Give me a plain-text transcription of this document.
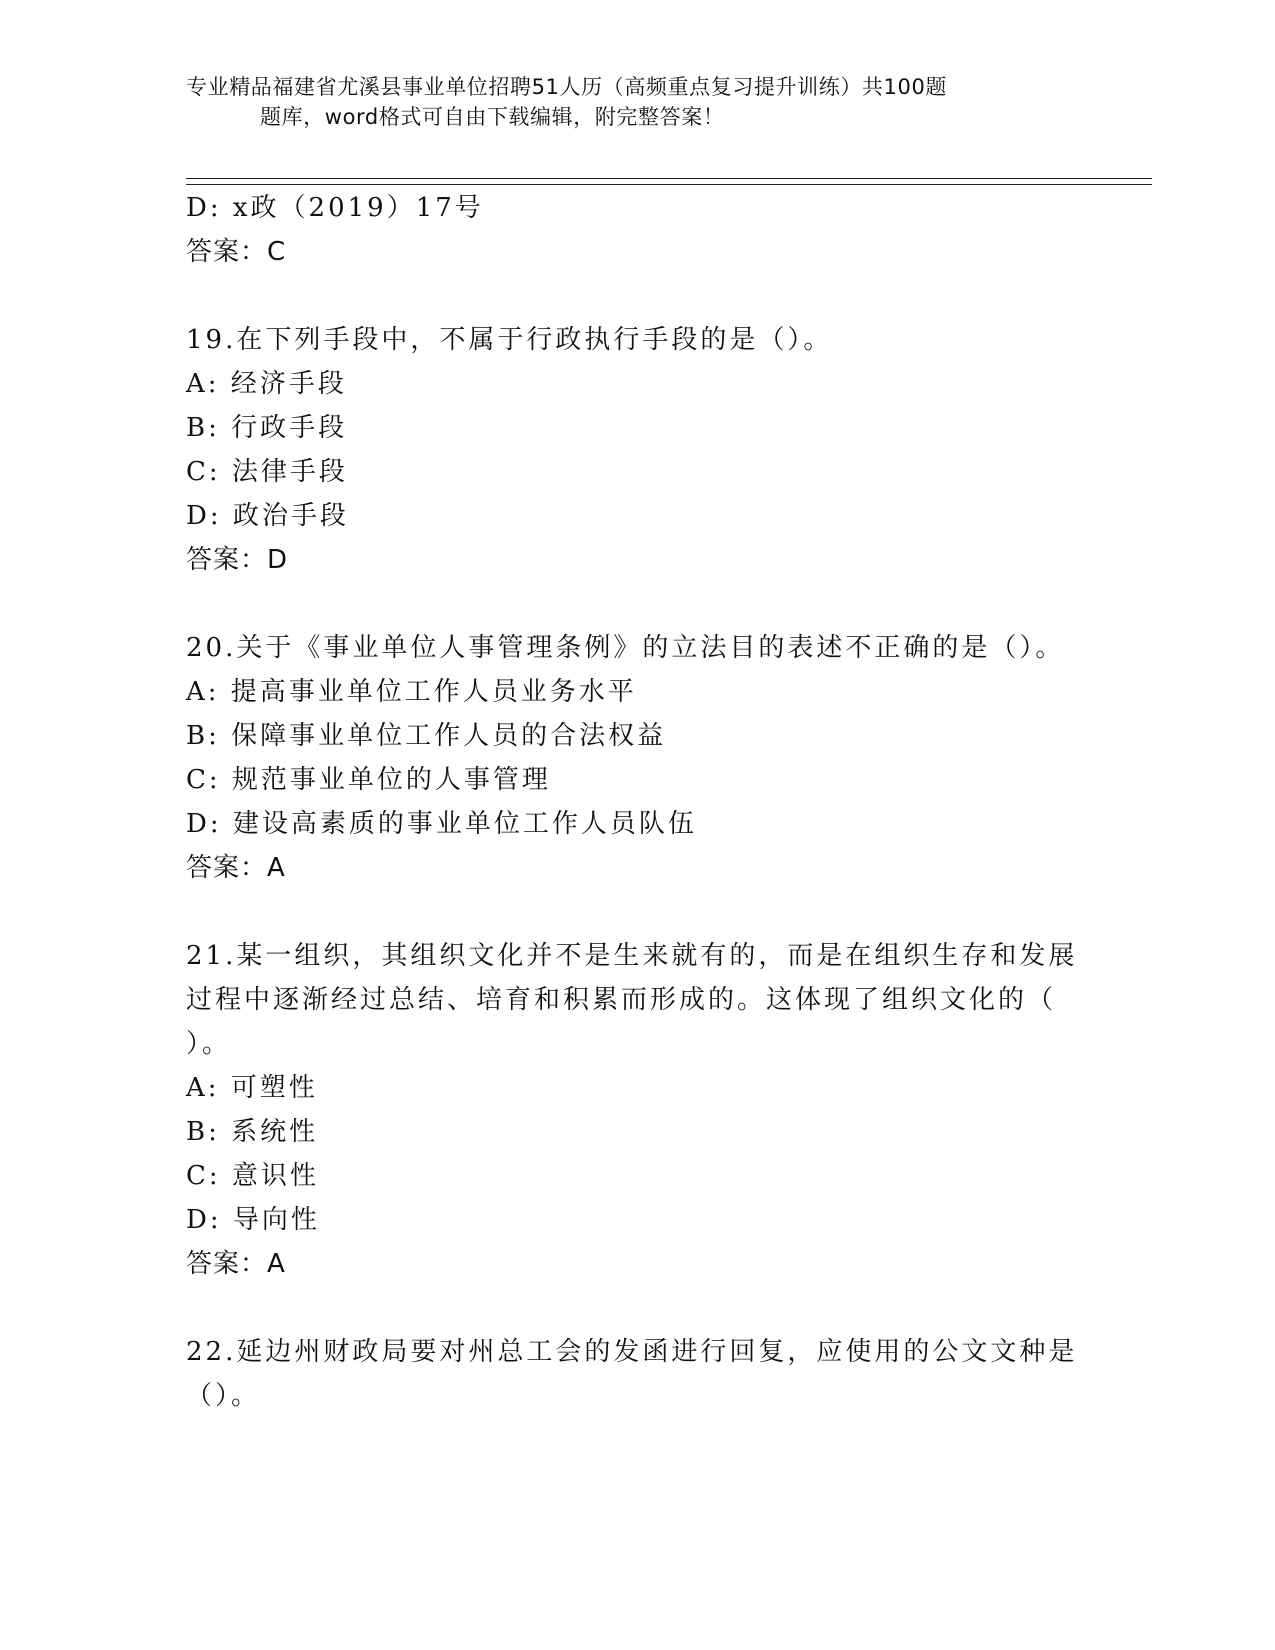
专业精品福建省尤溪县事业单位招聘51人历（高频重点复习提升训练）共100题
题库，word格式可自由下载编辑，附完整答案！
D: x政（2019）17号
答案：C
19.在下列手段中，不属于行政执行手段的是（）。
A: 经济手段
B: 行政手段
C: 法律手段
D: 政治手段
答案：D
20.关于《事业单位人事管理条例》的立法目的表述不正确的是（）。
A: 提高事业单位工作人员业务水平
B: 保障事业单位工作人员的合法权益
C: 规范事业单位的人事管理
D: 建设高素质的事业单位工作人员队伍
答案：A
21.某一组织，其组织文化并不是生来就有的，而是在组织生存和发展
过程中逐渐经过总结、培育和积累而形成的。这体现了组织文化的（
）。
A: 可塑性
B: 系统性
C: 意识性
D: 导向性
答案：A
22.延边州财政局要对州总工会的发函进行回复，应使用的公文文种是
（）。
